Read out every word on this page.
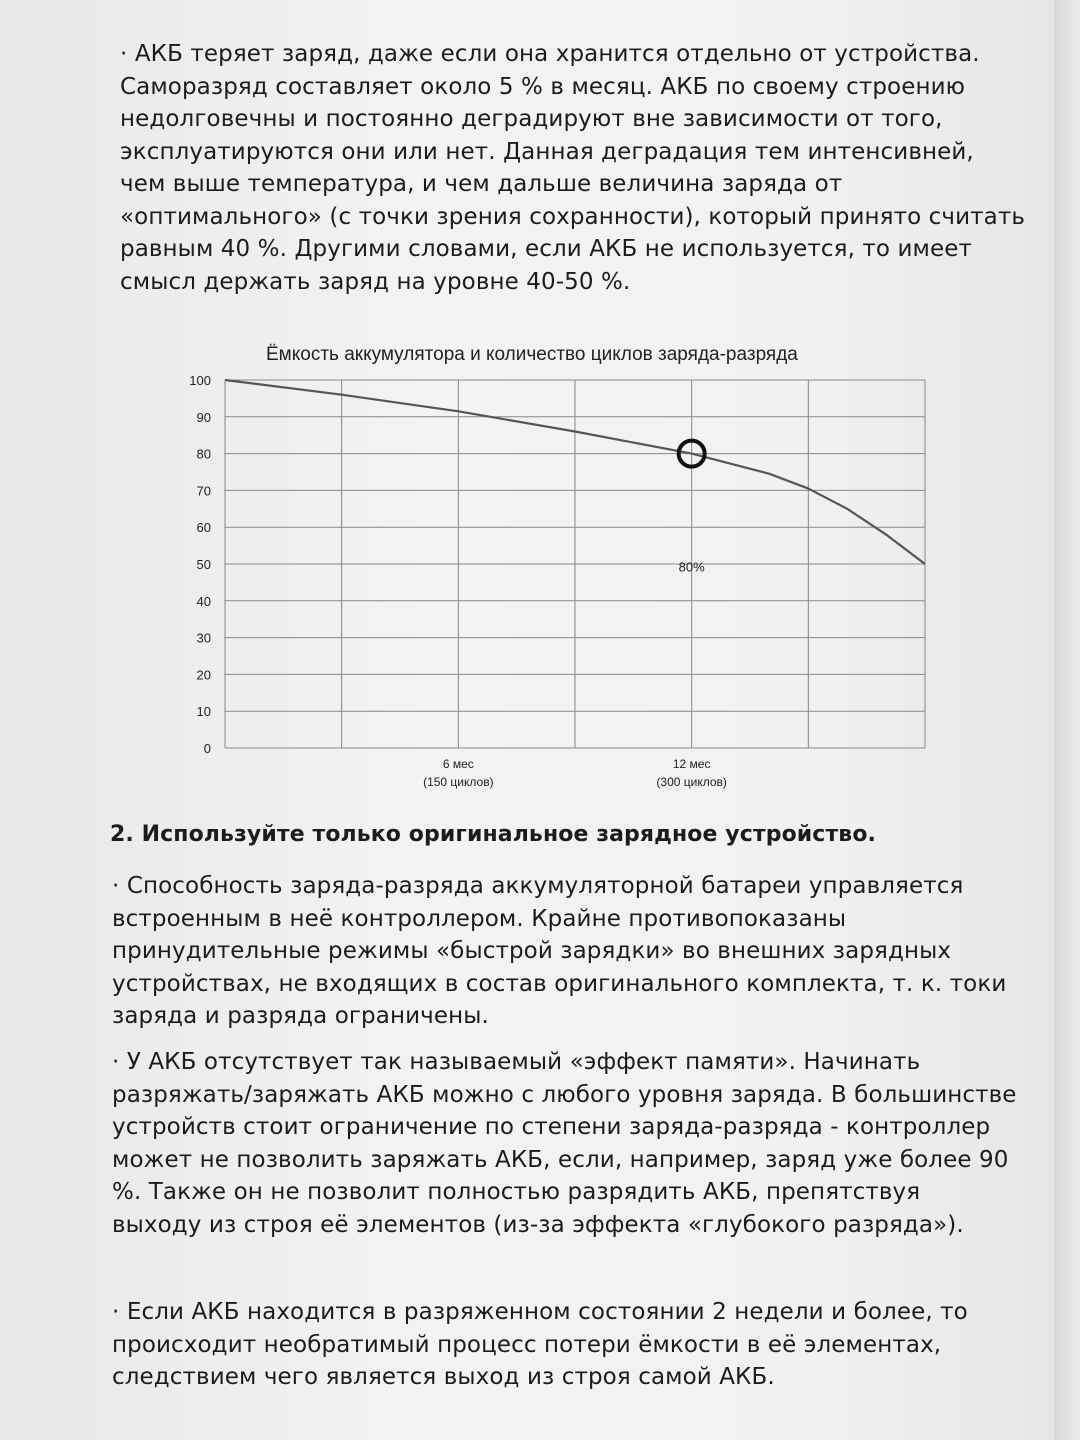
· АКБ теряет заряд, даже если она хранится отдельно от устройства. Саморазряд составляет около 5 % в месяц. АКБ по своему строению недолговечны и постоянно деградируют вне зависимости от того, эксплуатируются они или нет. Данная деградация тем интенсивней, чем выше температура, и чем дальше величина заряда от «оптимального» (с точки зрения сохранности), который принято считать равным 40 %. Другими словами, если АКБ не используется, то имеет смысл держать заряд на уровне 40-50 %.

Ёмкость аккумулятора и количество циклов заряда-разряда
0
10
20
30
40
50
60
70
80
90
100
6 мес
(150 циклов)
12 мес
(300 циклов)
80%
2. Используйте только оригинальное зарядное устройство.

· Способность заряда-разряда аккумуляторной батареи управляется встроенным в неё контроллером. Крайне противопоказаны принудительные режимы «быстрой зарядки» во внешних зарядных устройствах, не входящих в состав оригинального комплекта, т. к. токи заряда и разряда ограничены.

· У АКБ отсутствует так называемый «эффект памяти». Начинать разряжать/заряжать АКБ можно с любого уровня заряда. В большинстве устройств стоит ограничение по степени заряда-разряда - контроллер может не позволить заряжать АКБ, если, например, заряд уже более 90 %. Также он не позволит полностью разрядить АКБ, препятствуя выходу из строя её элементов (из-за эффекта «глубокого разряда»).

· Если АКБ находится в разряженном состоянии 2 недели и более, то происходит необратимый процесс потери ёмкости в её элементах, следствием чего является выход из строя самой АКБ.
